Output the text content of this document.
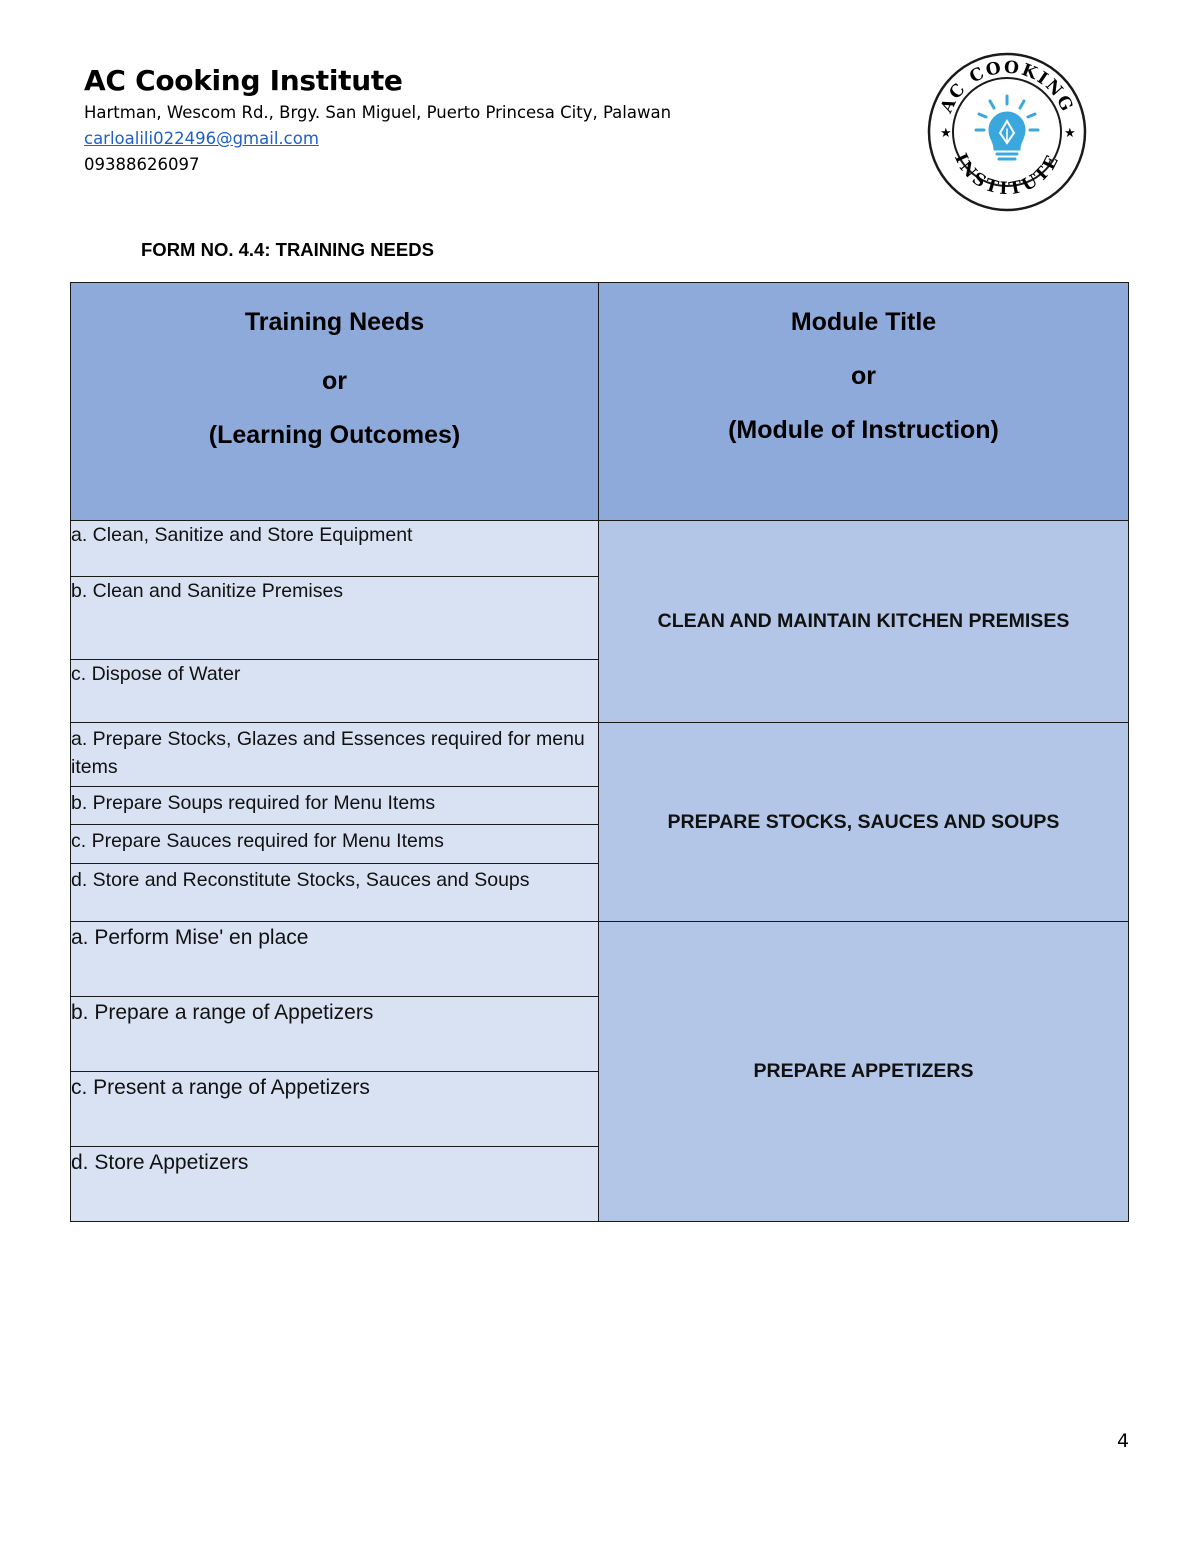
AC Cooking Institute
Hartman, Wescom Rd., Brgy. San Miguel, Puerto Princesa City, Palawan
carloalili022496@gmail.com
09388626097
AC COOKING
INSTITUTE
★	★
FORM NO. 4.4: TRAINING NEEDS
Training Needs
or
(Learning Outcomes)	Module Title
or
(Module of Instruction)

a. Clean, Sanitize and Store Equipment	CLEAN AND MAINTAIN KITCHEN PREMISES
b. Clean and Sanitize Premises	
c. Dispose of Water	
a. Prepare Stocks, Glazes and Essences required for menu items	PREPARE STOCKS, SAUCES AND SOUPS
b. Prepare Soups required for Menu Items	
c. Prepare Sauces required for Menu Items	
d. Store and Reconstitute Stocks, Sauces and Soups	
a. Perform Mise' en place	PREPARE APPETIZERS
b. Prepare a range of Appetizers	
c. Present a range of Appetizers	
d. Store Appetizers	
4
